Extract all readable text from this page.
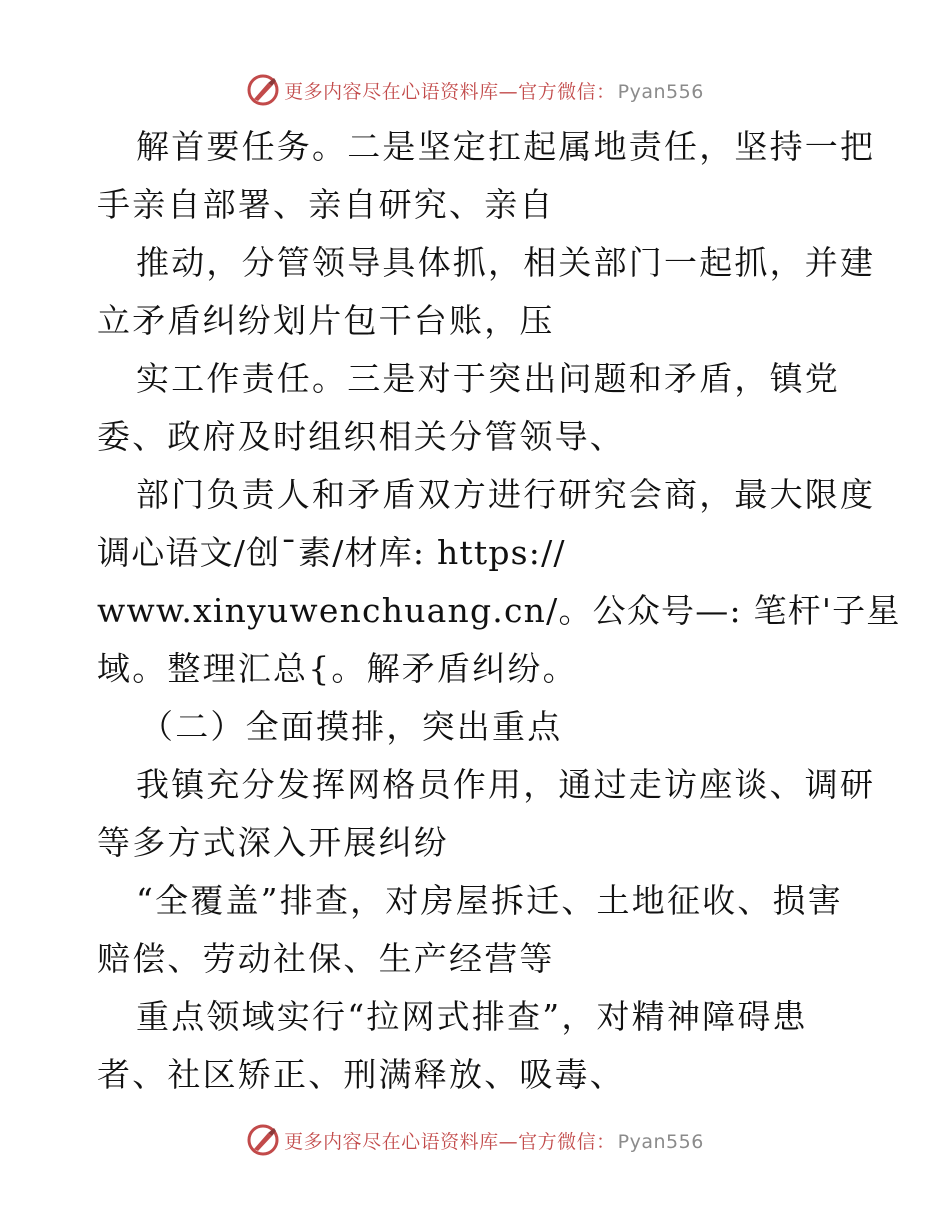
更多内容尽在心语资料库—官方微信： Pyan556
解首要任务。二是坚定扛起属地责任，坚持一把
手亲自部署、亲自研究、亲自
推动，分管领导具体抓，相关部门一起抓，并建
立矛盾纠纷划片包干台账，压
实工作责任。三是对于突出问题和矛盾，镇党
委、政府及时组织相关分管领导、
部门负责人和矛盾双方进行研究会商，最大限度
调心语文/创¯素/材库: https://
www.xinyuwenchuang.cn/。公众号—: 笔杆'子星
域。整理汇总{。解矛盾纠纷。
（二）全面摸排，突出重点
我镇充分发挥网格员作用，通过走访座谈、调研
等多方式深入开展纠纷
“全覆盖”排查，对房屋拆迁、土地征收、损害
赔偿、劳动社保、生产经营等
重点领域实行“拉网式排查”，对精神障碍患
者、社区矫正、刑满释放、吸毒、
更多内容尽在心语资料库—官方微信： Pyan556
